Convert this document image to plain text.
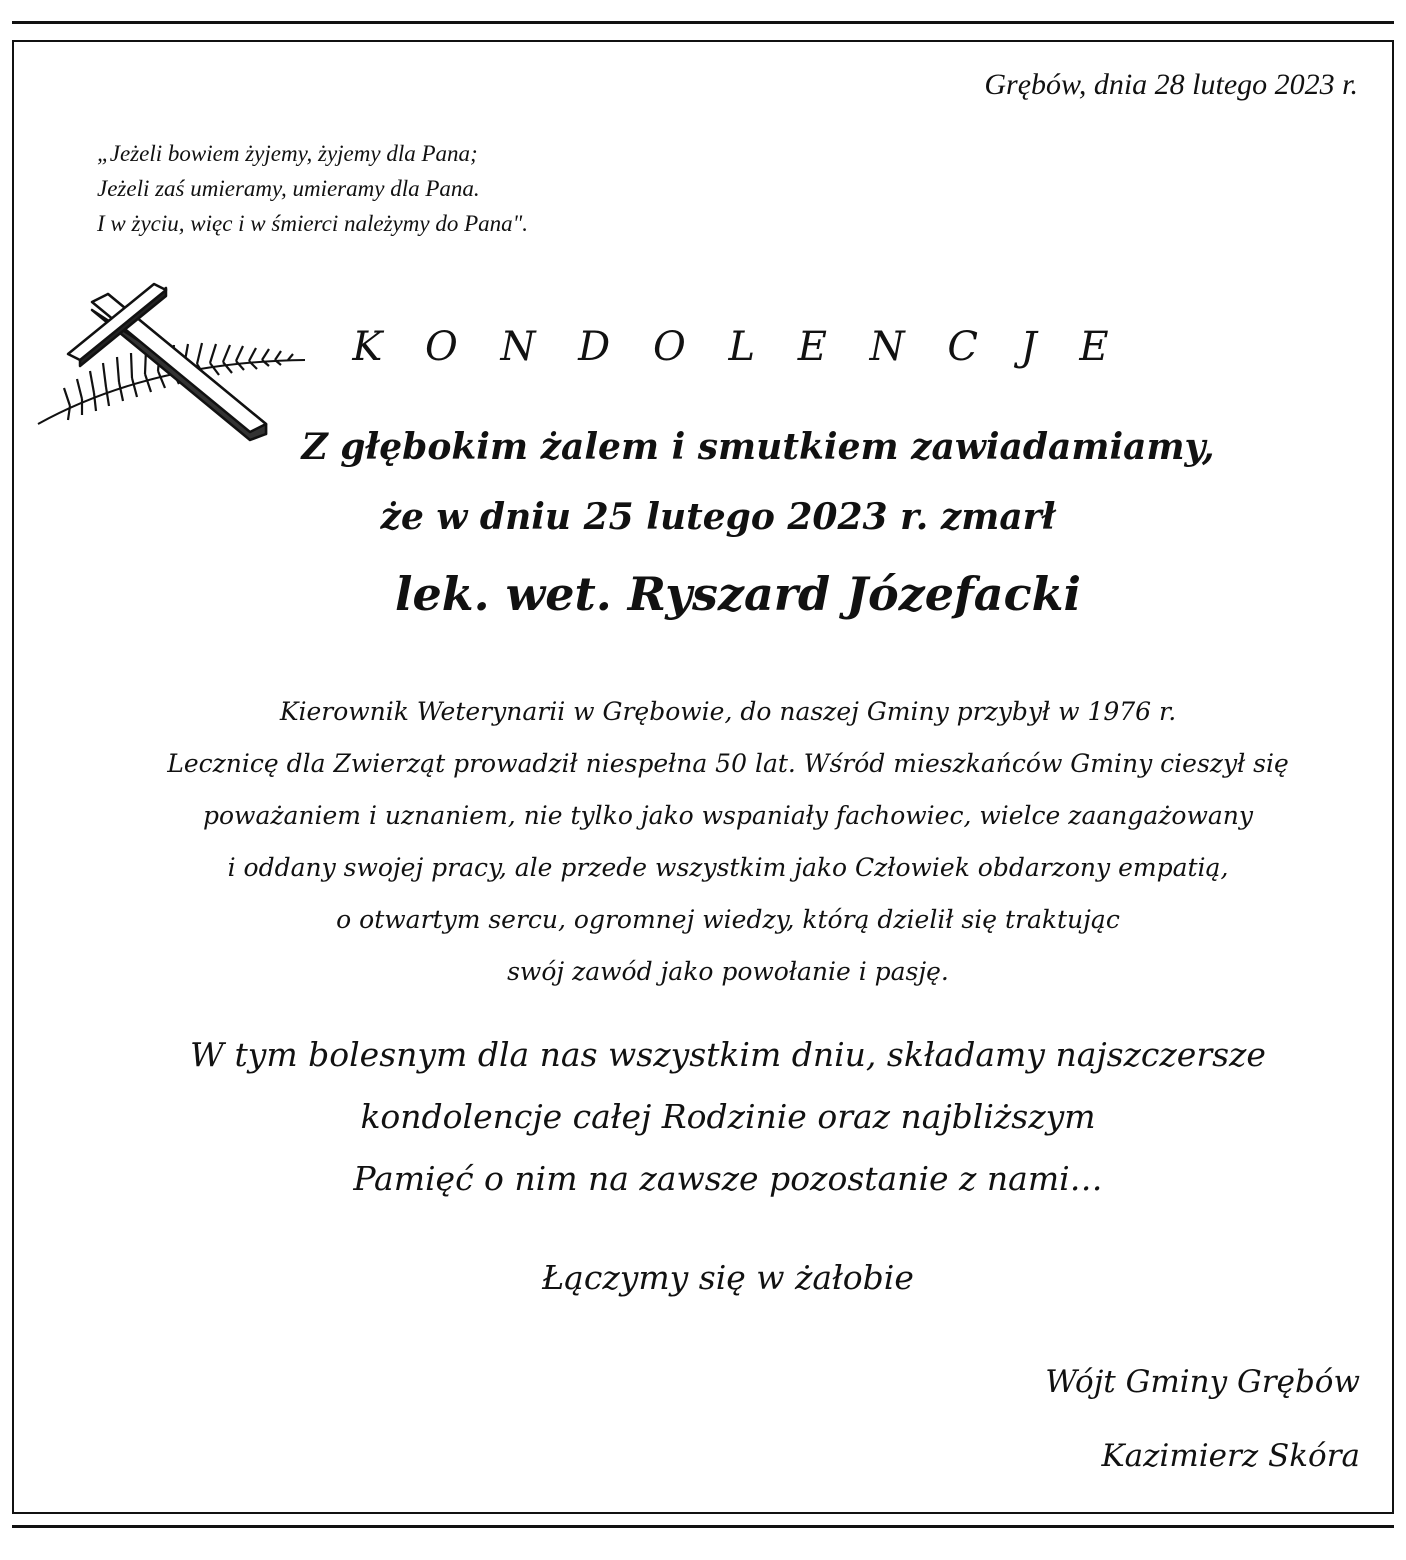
Grębów, dnia 28 lutego 2023 r.
„Jeżeli bowiem żyjemy, żyjemy dla Pana;
Jeżeli zaś umieramy, umieramy dla Pana.
I w życiu, więc i w śmierci należymy do Pana".
K O N D O L E N C J E
Z głębokim żalem i smutkiem zawiadamiamy,
że w dniu 25 lutego 2023 r. zmarł
lek. wet. Ryszard Józefacki
Kierownik Weterynarii w Grębowie, do naszej Gminy przybył w 1976 r.
Lecznicę dla Zwierząt prowadził niespełna 50 lat. Wśród mieszkańców Gminy cieszył się
poważaniem i uznaniem, nie tylko jako wspaniały fachowiec, wielce zaangażowany
i oddany swojej pracy, ale przede wszystkim jako Człowiek obdarzony empatią,
o otwartym sercu, ogromnej wiedzy, którą dzielił się traktując
swój zawód jako powołanie i pasję.
W tym bolesnym dla nas wszystkim dniu, składamy najszczersze
kondolencje całej Rodzinie oraz najbliższym
Pamięć o nim na zawsze pozostanie z nami…
Łączymy się w żałobie
Wójt Gminy Grębów
Kazimierz Skóra
